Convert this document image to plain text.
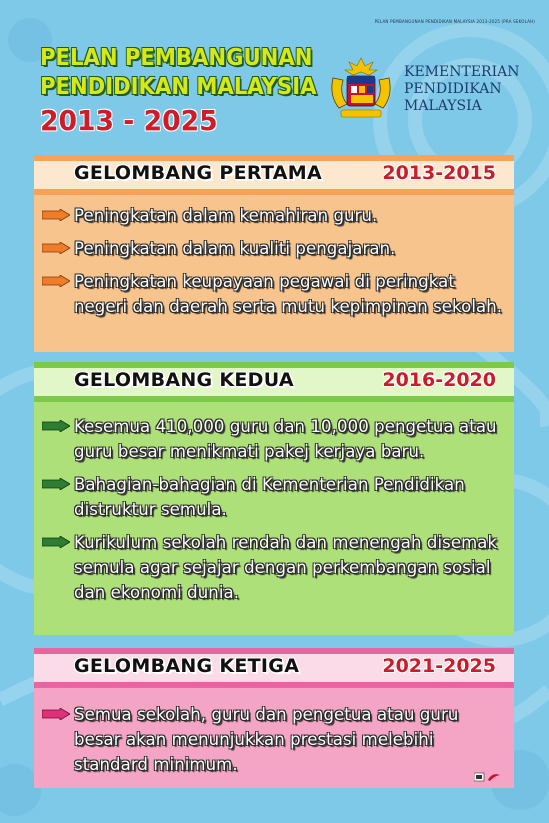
PELAN PEMBANGUNAN PENDIDIKAN MALAYSIA 2013-2025 (PRA SEKOLAH)
PELAN PEMBANGUNAN
PENDIDIKAN MALAYSIA
2013 - 2025
KEMENTERIAN
PENDIDIKAN
MALAYSIA
GELOMBANG PERTAMA	2013-2015
Peningkatan dalam kemahiran guru.
Peningkatan dalam kualiti pengajaran.
Peningkatan keupayaan pegawai di peringkat negeri dan daerah serta mutu kepimpinan sekolah.
GELOMBANG KEDUA	2016-2020
Kesemua 410,000 guru dan 10,000 pengetua atau guru besar menikmati pakej kerjaya baru.
Bahagian-bahagian di Kementerian Pendidikan distruktur semula.
Kurikulum sekolah rendah dan menengah disemak semula agar sejajar dengan perkembangan sosial dan ekonomi dunia.
GELOMBANG KETIGA	2021-2025
Semua sekolah, guru dan pengetua atau guru besar akan menunjukkan prestasi melebihi standard minimum.
